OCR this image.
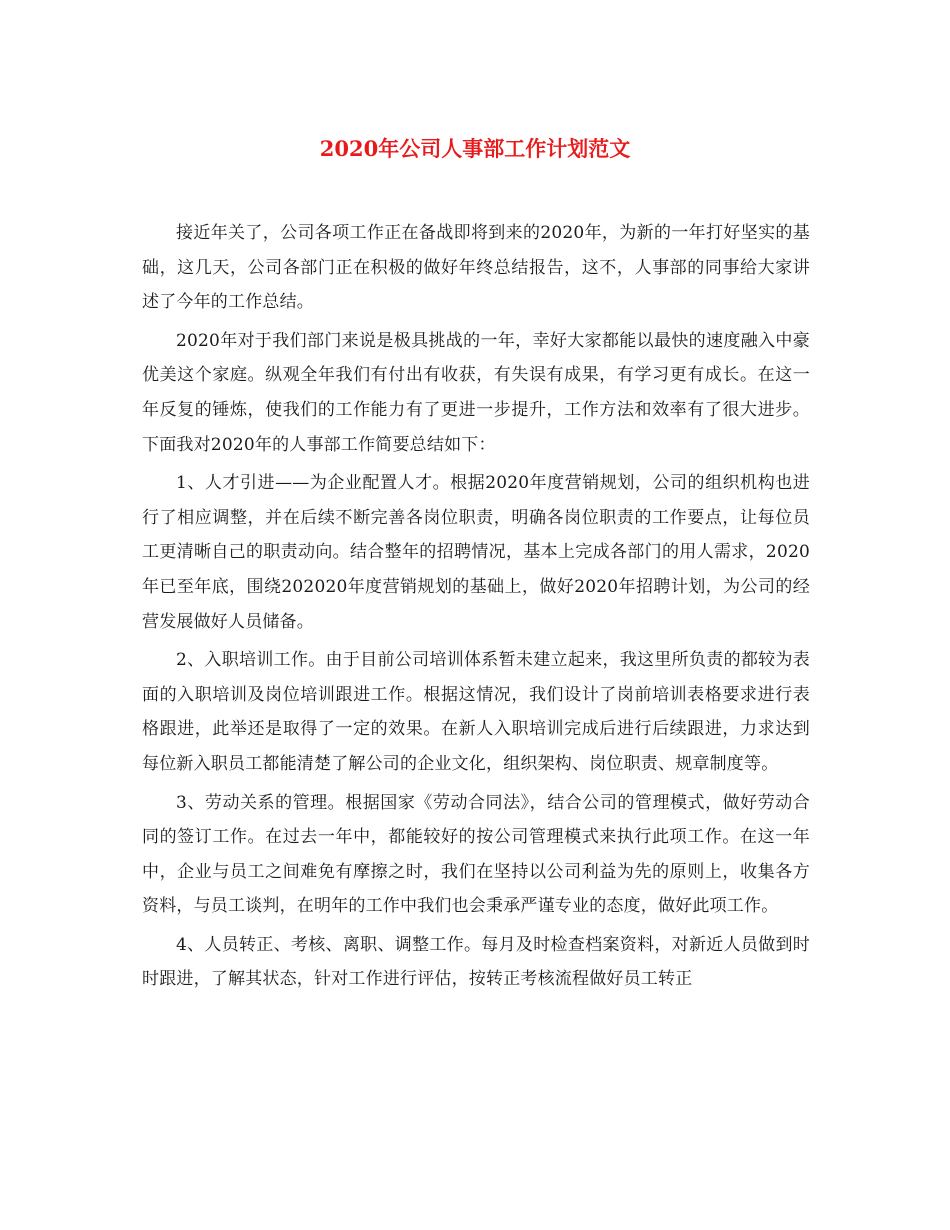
2020年公司人事部工作计划范文

接近年关了，公司各项工作正在备战即将到来的2020年，为新的一年打好坚实的基础，这几天，公司各部门正在积极的做好年终总结报告，这不，人事部的同事给大家讲述了今年的工作总结。

2020年对于我们部门来说是极具挑战的一年，幸好大家都能以最快的速度融入中豪优美这个家庭。纵观全年我们有付出有收获，有失误有成果，有学习更有成长。在这一年反复的锤炼，使我们的工作能力有了更进一步提升，工作方法和效率有了很大进步。下面我对2020年的人事部工作简要总结如下：

1、人才引进——为企业配置人才。根据2020年度营销规划，公司的组织机构也进行了相应调整，并在后续不断完善各岗位职责，明确各岗位职责的工作要点，让每位员工更清晰自己的职责动向。结合整年的招聘情况，基本上完成各部门的用人需求，2020年已至年底，围绕202020年度营销规划的基础上，做好2020年招聘计划，为公司的经营发展做好人员储备。

2、入职培训工作。由于目前公司培训体系暂未建立起来，我这里所负责的都较为表面的入职培训及岗位培训跟进工作。根据这情况，我们设计了岗前培训表格要求进行表格跟进，此举还是取得了一定的效果。在新人入职培训完成后进行后续跟进，力求达到每位新入职员工都能清楚了解公司的企业文化，组织架构、岗位职责、规章制度等。

3、劳动关系的管理。根据国家《劳动合同法》，结合公司的管理模式，做好劳动合同的签订工作。在过去一年中，都能较好的按公司管理模式来执行此项工作。在这一年中，企业与员工之间难免有摩擦之时，我们在坚持以公司利益为先的原则上，收集各方资料，与员工谈判，在明年的工作中我们也会秉承严谨专业的态度，做好此项工作。

4、人员转正、考核、离职、调整工作。每月及时检查档案资料，对新近人员做到时时跟进，了解其状态，针对工作进行评估，按转正考核流程做好员工转正
